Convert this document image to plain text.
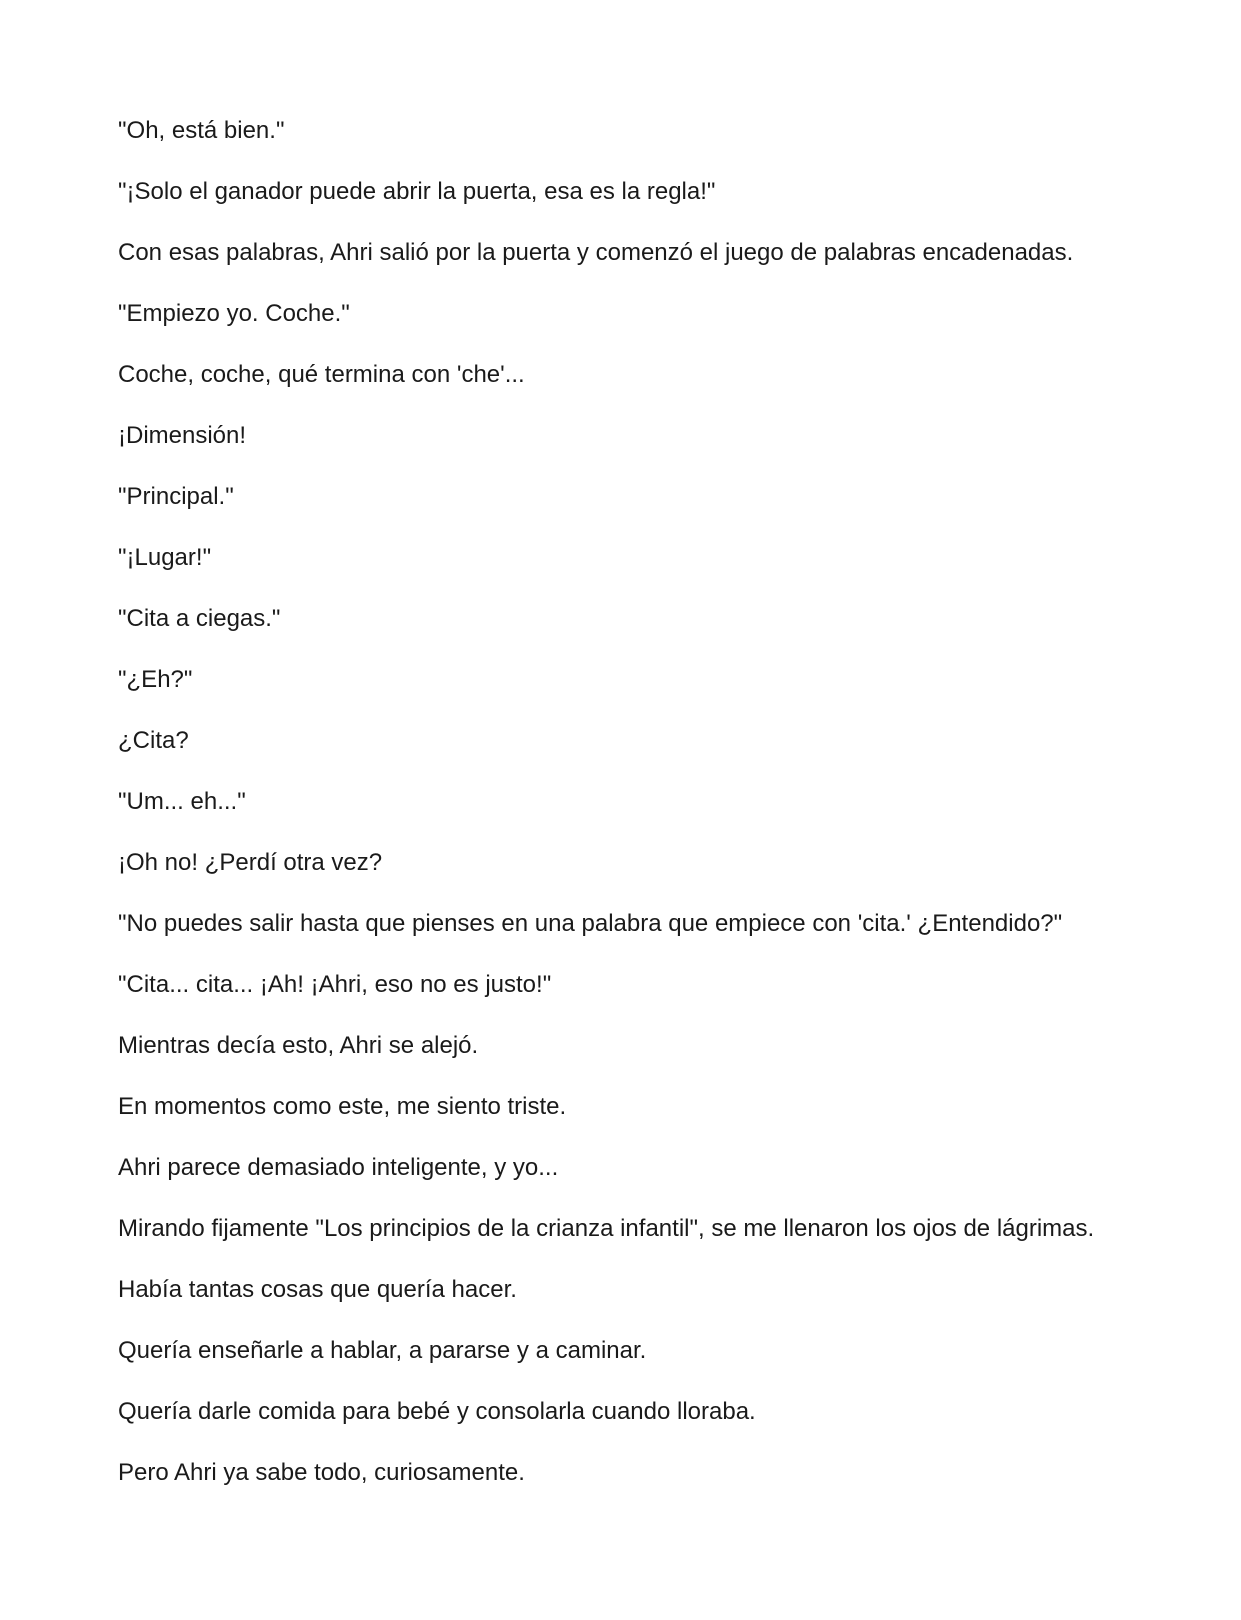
"Oh, está bien."

"¡Solo el ganador puede abrir la puerta, esa es la regla!"

Con esas palabras, Ahri salió por la puerta y comenzó el juego de palabras encadenadas.

"Empiezo yo. Coche."

Coche, coche, qué termina con 'che'...

¡Dimensión!

"Principal."

"¡Lugar!"

"Cita a ciegas."

"¿Eh?"

¿Cita?

"Um... eh..."

¡Oh no! ¿Perdí otra vez?

"No puedes salir hasta que pienses en una palabra que empiece con 'cita.' ¿Entendido?"

"Cita... cita... ¡Ah! ¡Ahri, eso no es justo!"

Mientras decía esto, Ahri se alejó.

En momentos como este, me siento triste.

Ahri parece demasiado inteligente, y yo...

Mirando fijamente "Los principios de la crianza infantil", se me llenaron los ojos de lágrimas.

Había tantas cosas que quería hacer.

Quería enseñarle a hablar, a pararse y a caminar.

Quería darle comida para bebé y consolarla cuando lloraba.

Pero Ahri ya sabe todo, curiosamente.
